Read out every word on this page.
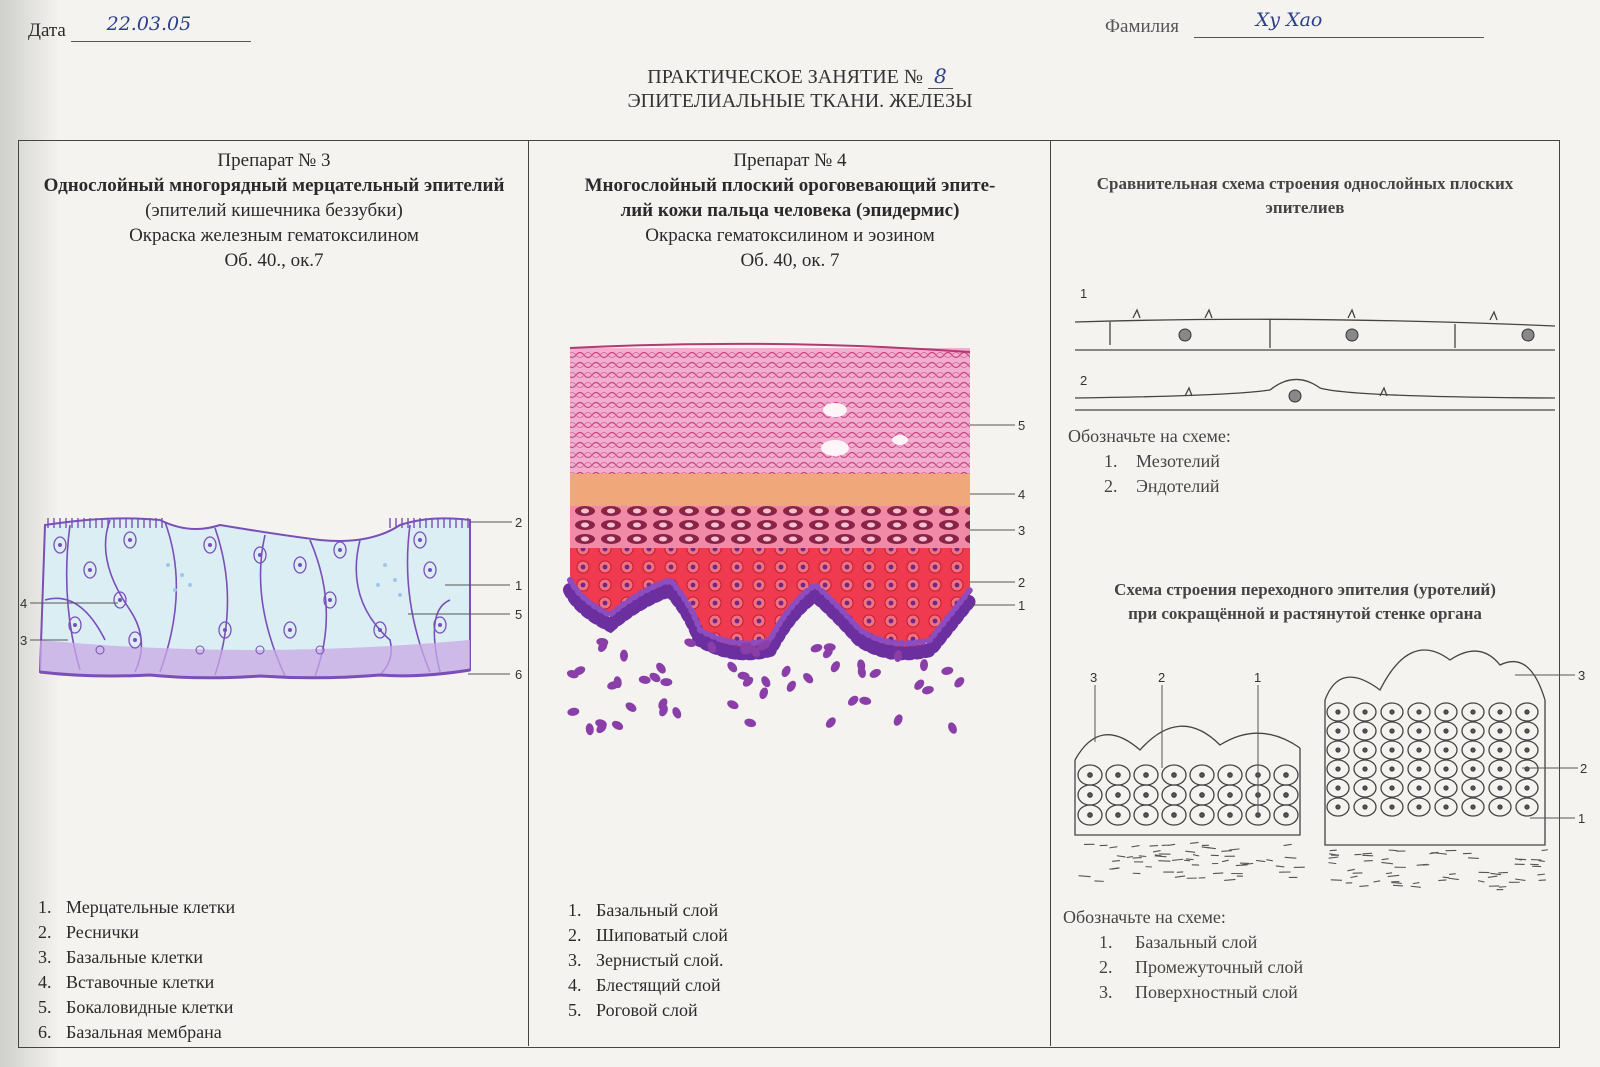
Дата 22.03.05	Фамилия	Xy Xao
ПРАКТИЧЕСКОЕ ЗАНЯТИЕ № 8
ЭПИТЕЛИАЛЬНЫЕ ТКАНИ. ЖЕЛЕЗЫ
Препарат № 3
Однослойный многорядный мерцательный эпителий (эпителий кишечника беззубки)
Окраска железным гематоксилином
Об. 40., ок.7
1
2
3
4
5
6
1. Мерцательные клетки
2. Реснички
3. Базальные клетки
4. Вставочные клетки
5. Бокаловидные клетки
6. Базальная мембрана
Препарат № 4
Многослойный плоский ороговевающий эпите-
лий кожи пальца человека (эпидермис)
Окраска гематоксилином и эозином
Об. 40, ок. 7
1
2
3
4
5
1. Базальный слой
2. Шиповатый слой
3. Зернистый слой.
4. Блестящий слой
5. Роговой слой
Сравнительная схема строения однослойных плоских эпителиев
1
2
Обозначьте на схеме:
1. Мезотелий
2. Эндотелий
Схема строения переходного эпителия (уротелий)
при сокращённой и растянутой стенке органа
3	2	1	3
2
1
Обозначьте на схеме:
1. Базальный слой
2. Промежуточный слой
3. Поверхностный слой
